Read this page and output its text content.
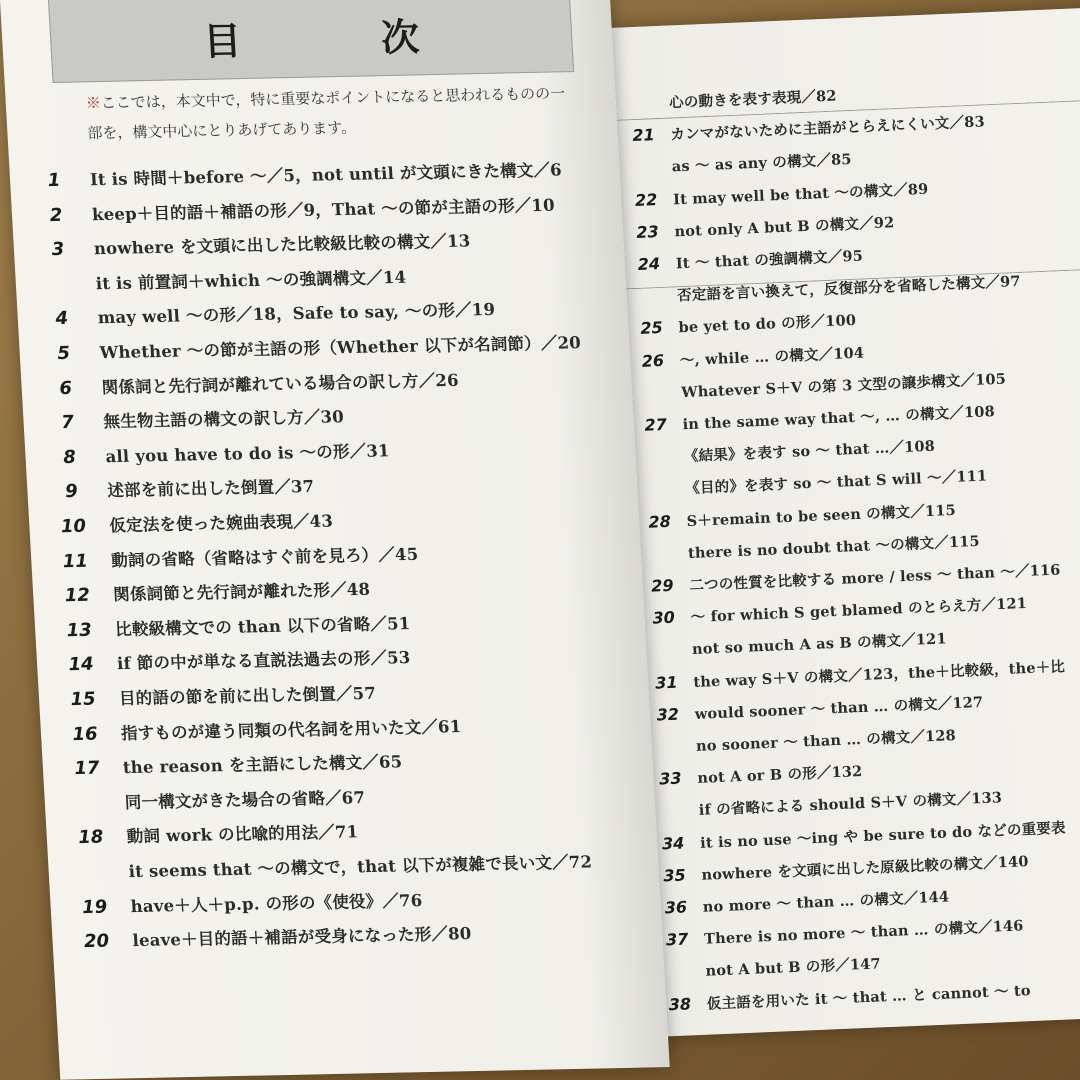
心の動きを表す表現／82
21	カンマがないために主語がとらえにくい文／83
as ～ as any の構文／85
22	It may well be that ～の構文／89
23	not only A but B の構文／92
24	It ～ that の強調構文／95
否定語を言い換えて，反復部分を省略した構文／97
25	be yet to do の形／100
26	～, while … の構文／104
Whatever S＋V の第 3 文型の譲歩構文／105
27	in the same way that ～, … の構文／108
《結果》を表す so ～ that …／108
《目的》を表す so ～ that S will ～／111
28	S＋remain to be seen の構文／115
there is no doubt that ～の構文／115
29	二つの性質を比較する more / less ～ than ～／116
30	～ for which S get blamed のとらえ方／121
not so much A as B の構文／121
31	the way S＋V の構文／123，the＋比較級，the＋比
32	would sooner ～ than … の構文／127
no sooner ～ than … の構文／128
33	not A or B の形／132
if の省略による should S＋V の構文／133
34	it is no use ～ing や be sure to do などの重要表
35	nowhere を文頭に出した原級比較の構文／140
36	no more ～ than … の構文／144
37	There is no more ～ than … の構文／146
not A but B の形／147
38	仮主語を用いた it ～ that … と cannot ～ to
目	次
※ここでは，本文中で，特に重要なポイントになると思われるものの一
部を，構文中心にとりあげてあります。
1	It is 時間＋before ～／5，not until が文頭にきた構文／6
2	keep＋目的語＋補語の形／9，That ～の節が主語の形／10
3	nowhere を文頭に出した比較級比較の構文／13
it is 前置詞＋which ～の強調構文／14
4	may well ～の形／18，Safe to say, ～の形／19
5	Whether ～の節が主語の形（Whether 以下が名詞節）／20
6	関係詞と先行詞が離れている場合の訳し方／26
7	無生物主語の構文の訳し方／30
8	all you have to do is ～の形／31
9	述部を前に出した倒置／37
10	仮定法を使った婉曲表現／43
11	動詞の省略（省略はすぐ前を見ろ）／45
12	関係詞節と先行詞が離れた形／48
13	比較級構文での than 以下の省略／51
14	if 節の中が単なる直説法過去の形／53
15	目的語の節を前に出した倒置／57
16	指すものが違う同類の代名詞を用いた文／61
17	the reason を主語にした構文／65
同一構文がきた場合の省略／67
18	動詞 work の比喩的用法／71
it seems that ～の構文で，that 以下が複雑で長い文／72
19	have＋人＋p.p. の形の《使役》／76
20	leave＋目的語＋補語が受身になった形／80
